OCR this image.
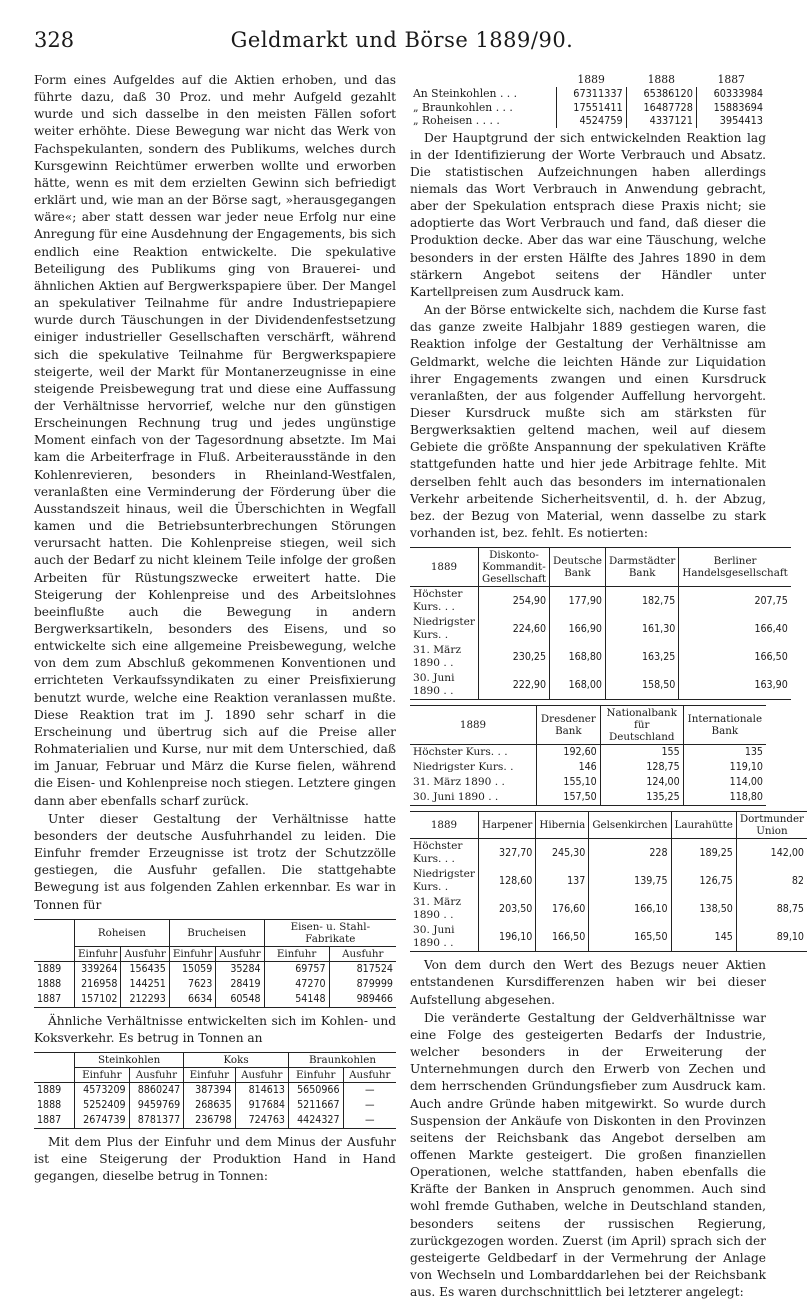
328	Geldmarkt und Börse 1889/90.

Form eines Aufgeldes auf die Aktien erhoben, und das führte dazu, daß 30 Proz. und mehr Aufgeld gezahlt wurde und sich dasselbe in den meisten Fällen sofort weiter erhöhte. Diese Bewegung war nicht das Werk von Fachspekulanten, sondern des Publikums, welches durch Kursgewinn Reichtümer erwerben wollte und erworben hätte, wenn es mit dem erzielten Gewinn sich befriedigt erklärt und, wie man an der Börse sagt, »herausgegangen wäre«; aber statt dessen war jeder neue Erfolg nur eine Anregung für eine Ausdehnung der Engagements, bis sich endlich eine Reaktion entwickelte. Die spekulative Beteiligung des Publikums ging von Brauerei- und ähnlichen Aktien auf Bergwerkspapiere über. Der Mangel an spekulativer Teilnahme für andre Industriepapiere wurde durch Täuschungen in der Dividendenfestsetzung einiger industrieller Gesellschaften verschärft, während sich die spekulative Teilnahme für Bergwerkspapiere steigerte, weil der Markt für Montanerzeugnisse in eine steigende Preisbewegung trat und diese eine Auffassung der Verhältnisse hervorrief, welche nur den günstigen Erscheinungen Rechnung trug und jedes ungünstige Moment einfach von der Tagesordnung absetzte. Im Mai kam die Arbeiterfrage in Fluß. Arbeiterausstände in den Kohlenrevieren, besonders in Rheinland-Westfalen, veranlaßten eine Verminderung der Förderung über die Ausstandszeit hinaus, weil die Überschichten in Wegfall kamen und die Betriebsunterbrechungen Störungen verursacht hatten. Die Kohlenpreise stiegen, weil sich auch der Bedarf zu nicht kleinem Teile infolge der großen Arbeiten für Rüstungszwecke erweitert hatte. Die Steigerung der Kohlenpreise und des Arbeitslohnes beeinflußte auch die Bewegung in andern Bergwerksartikeln, besonders des Eisens, und so entwickelte sich eine allgemeine Preisbewegung, welche von dem zum Abschluß gekommenen Konventionen und errichteten Verkaufssyndikaten zu einer Preisfixierung benutzt wurde, welche eine Reaktion veranlassen mußte. Diese Reaktion trat im J. 1890 sehr scharf in die Erscheinung und übertrug sich auf die Preise aller Rohmaterialien und Kurse, nur mit dem Unterschied, daß im Januar, Februar und März die Kurse fielen, während die Eisen- und Kohlenpreise noch stiegen. Letztere gingen dann aber ebenfalls scharf zurück.

Unter dieser Gestaltung der Verhältnisse hatte besonders der deutsche Ausfuhrhandel zu leiden. Die Einfuhr fremder Erzeugnisse ist trotz der Schutzzölle gestiegen, die Ausfuhr gefallen. Die stattgehabte Bewegung ist aus folgenden Zahlen erkennbar. Es war in Tonnen für

	Roheisen		Brucheisen		Eisen- u. Stahl-Fabrikate	
	Einfuhr	Ausfuhr	Einfuhr	Ausfuhr	Einfuhr	Ausfuhr
1889	339264	156435	15059	35284	69757	817524
1888	216958	144251	7623	28419	47270	879999
1887	157102	212293	6634	60548	54148	989466

Ähnliche Verhältnisse entwickelten sich im Kohlen- und Koksverkehr. Es betrug in Tonnen an

	Steinkohlen		Koks		Braunkohlen	
	Einfuhr	Ausfuhr	Einfuhr	Ausfuhr	Einfuhr	Ausfuhr
1889	4573209	8860247	387394	814613	5650966	—
1888	5252409	9459769	268635	917684	5211667	—
1887	2674739	8781377	236798	724763	4424327	—

Mit dem Plus der Einfuhr und dem Minus der Ausfuhr ist eine Steigerung der Produktion Hand in Hand gegangen, dieselbe betrug in Tonnen:

	1889	1888	1887
An Steinkohlen . . .	67311337	65386120	60333984
„ Braunkohlen . . .	17551411	16487728	15883694
„ Roheisen . . . .	4524759	4337121	3954413

Der Hauptgrund der sich entwickelnden Reaktion lag in der Identifizierung der Worte Verbrauch und Absatz. Die statistischen Aufzeichnungen haben allerdings niemals das Wort Verbrauch in Anwendung gebracht, aber der Spekulation entsprach diese Praxis nicht; sie adoptierte das Wort Verbrauch und fand, daß dieser die Produktion decke. Aber das war eine Täuschung, welche besonders in der ersten Hälfte des Jahres 1890 in dem stärkern Angebot seitens der Händler unter Kartellpreisen zum Ausdruck kam.

An der Börse entwickelte sich, nachdem die Kurse fast das ganze zweite Halbjahr 1889 gestiegen waren, die Reaktion infolge der Gestaltung der Verhältnisse am Geldmarkt, welche die leichten Hände zur Liquidation ihrer Engagements zwangen und einen Kursdruck veranlaßten, der aus folgender Auffellung hervorgeht. Dieser Kursdruck mußte sich am stärksten für Bergwerksaktien geltend machen, weil auf diesem Gebiete die größte Anspannung der spekulativen Kräfte stattgefunden hatte und hier jede Arbitrage fehlte. Mit derselben fehlt auch das besonders im internationalen Verkehr arbeitende Sicherheitsventil, d. h. der Abzug, bez. der Bezug von Material, wenn dasselbe zu stark vorhanden ist, bez. fehlt. Es notierten:

1889	Diskonto-Kommandit-Gesellschaft	Deutsche Bank	Darmstädter Bank	Berliner Handelsgesellschaft
Höchster Kurs. . .	254,90	177,90	182,75	207,75
Niedrigster Kurs. .	224,60	166,90	161,30	166,40
31. März 1890 . .	230,25	168,80	163,25	166,50
30. Juni 1890 . .	222,90	168,00	158,50	163,90
1889	Dresdener Bank	Nationalbank für Deutschland	Internationale Bank
Höchster Kurs. . .	192,60	155	135
Niedrigster Kurs. .	146	128,75	119,10
31. März 1890 . .	155,10	124,00	114,00
30. Juni 1890 . .	157,50	135,25	118,80
1889	Harpener	Hibernia	Gelsenkirchen	Laurahütte	Dortmunder Union
Höchster Kurs. . .	327,70	245,30	228	189,25	142,00
Niedrigster Kurs. .	128,60	137	139,75	126,75	82
31. März 1890 . .	203,50	176,60	166,10	138,50	88,75
30. Juni 1890 . .	196,10	166,50	165,50	145	89,10

Von dem durch den Wert des Bezugs neuer Aktien entstandenen Kursdifferenzen haben wir bei dieser Aufstellung abgesehen.

Die veränderte Gestaltung der Geldverhältnisse war eine Folge des gesteigerten Bedarfs der Industrie, welcher besonders in der Erweiterung der Unternehmungen durch den Erwerb von Zechen und dem herrschenden Gründungsfieber zum Ausdruck kam. Auch andre Gründe haben mitgewirkt. So wurde durch Suspension der Ankäufe von Diskonten in den Provinzen seitens der Reichsbank das Angebot derselben am offenen Markte gesteigert. Die großen finanziellen Operationen, welche stattfanden, haben ebenfalls die Kräfte der Banken in Anspruch genommen. Auch sind wohl fremde Guthaben, welche in Deutschland standen, besonders seitens der russischen Regierung, zurückgezogen worden. Zuerst (im April) sprach sich der gesteigerte Geldbedarf in der Vermehrung der Anlage von Wechseln und Lombarddarlehen bei der Reichsbank aus. Es waren durchschnittlich bei letzterer angelegt:
